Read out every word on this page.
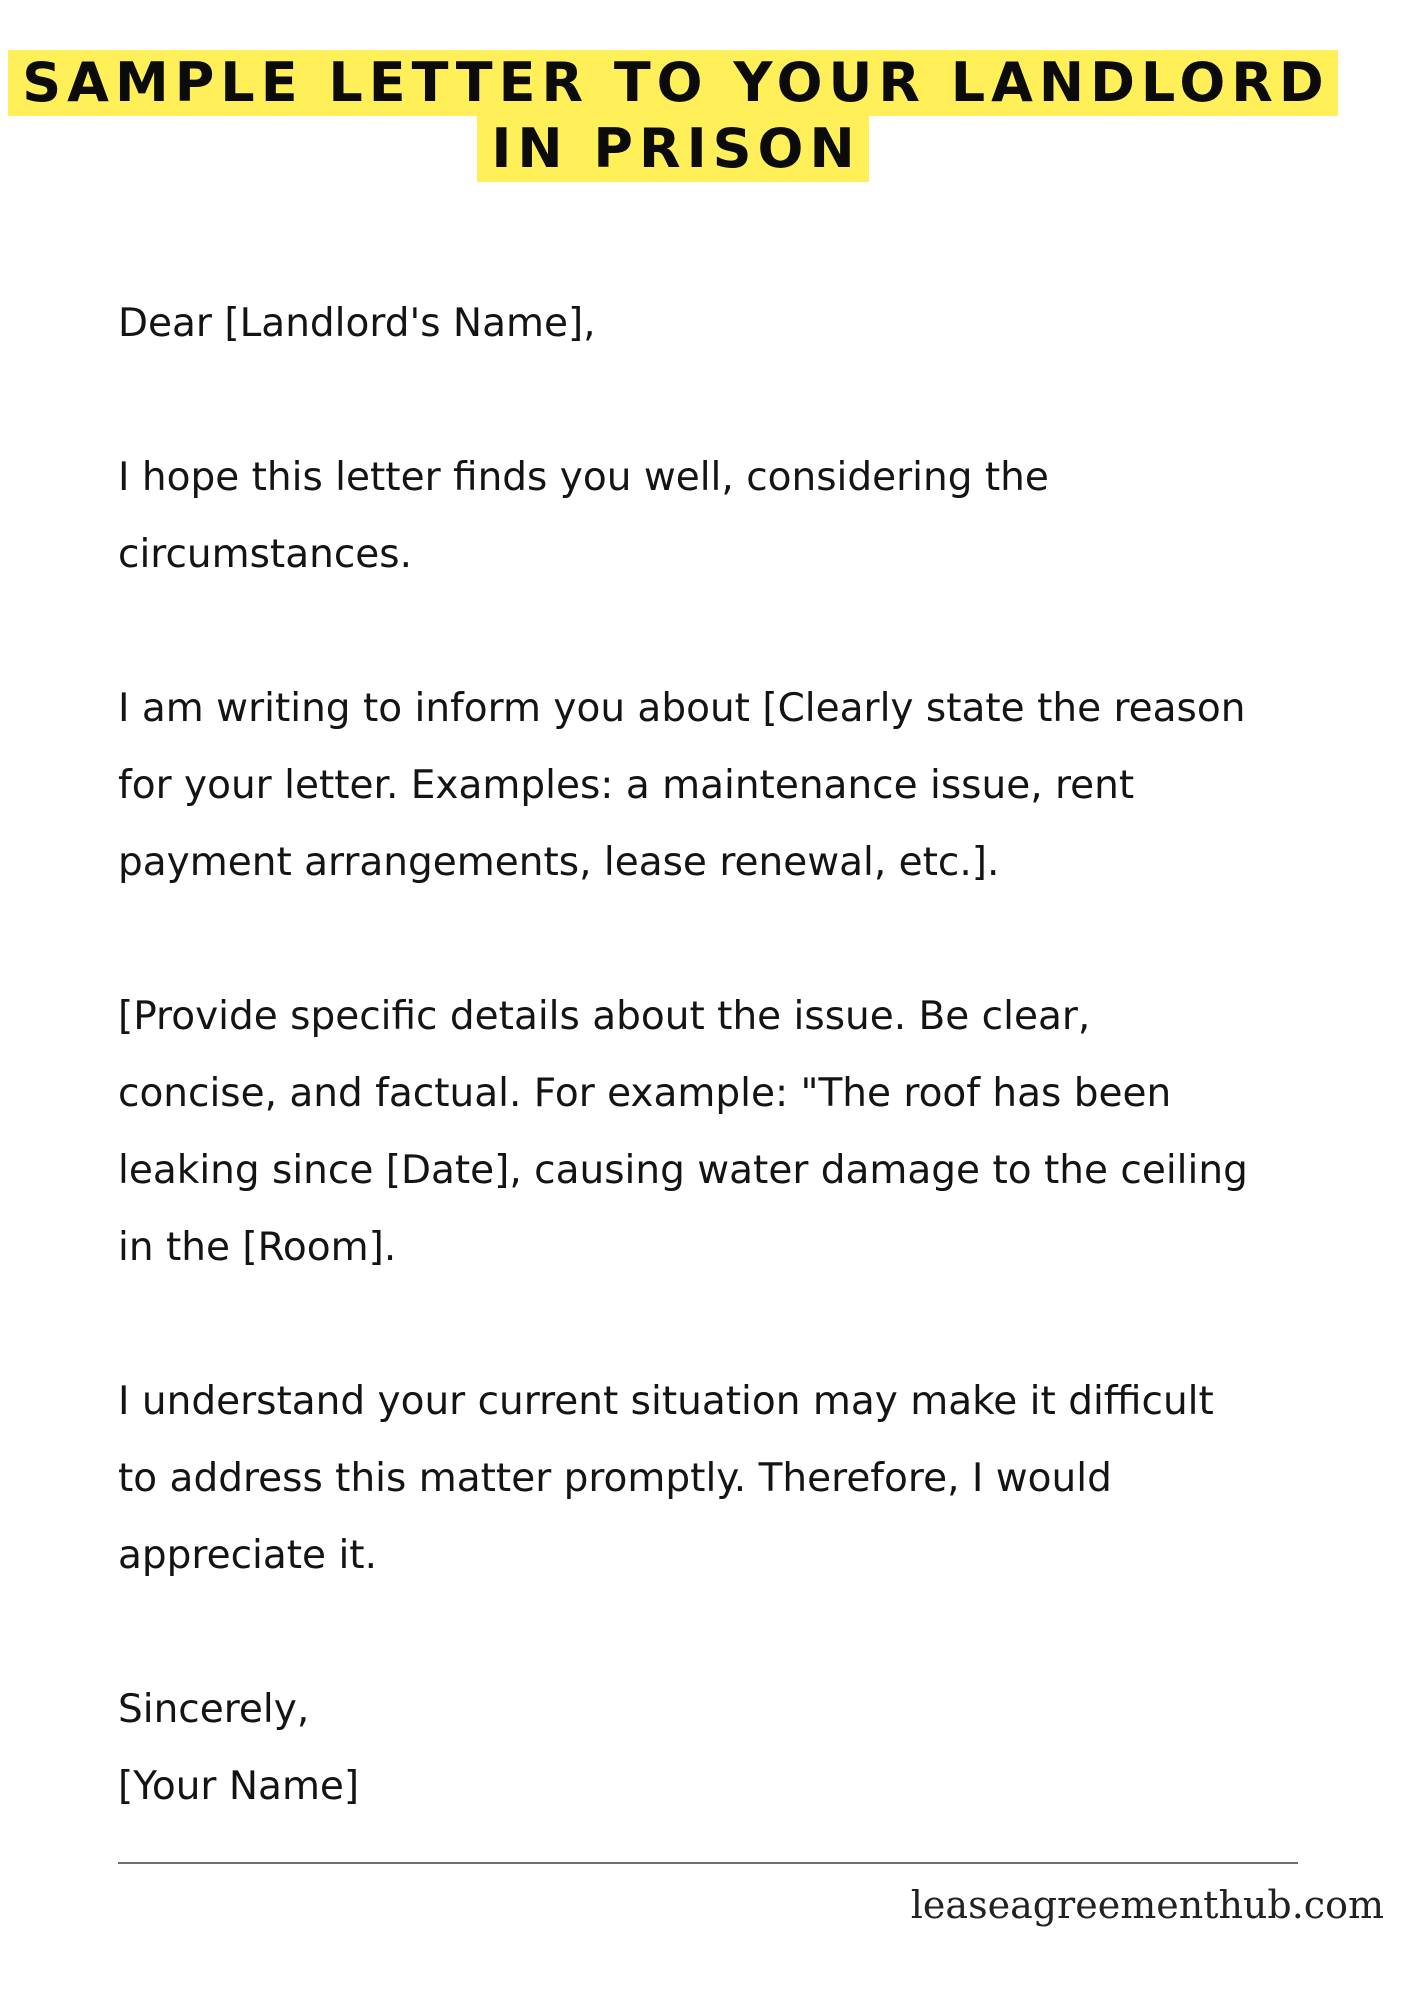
SAMPLE LETTER TO YOUR LANDLORD
IN PRISON

Dear [Landlord's Name],

I hope this letter finds you well, considering the
circumstances.

I am writing to inform you about [Clearly state the reason
for your letter. Examples: a maintenance issue, rent
payment arrangements, lease renewal, etc.].

[Provide specific details about the issue. Be clear,
concise, and factual. For example: "The roof has been
leaking since [Date], causing water damage to the ceiling
in the [Room].

I understand your current situation may make it difficult
to address this matter promptly. Therefore, I would
appreciate it.

Sincerely,
[Your Name]

leaseagreementhub.com
